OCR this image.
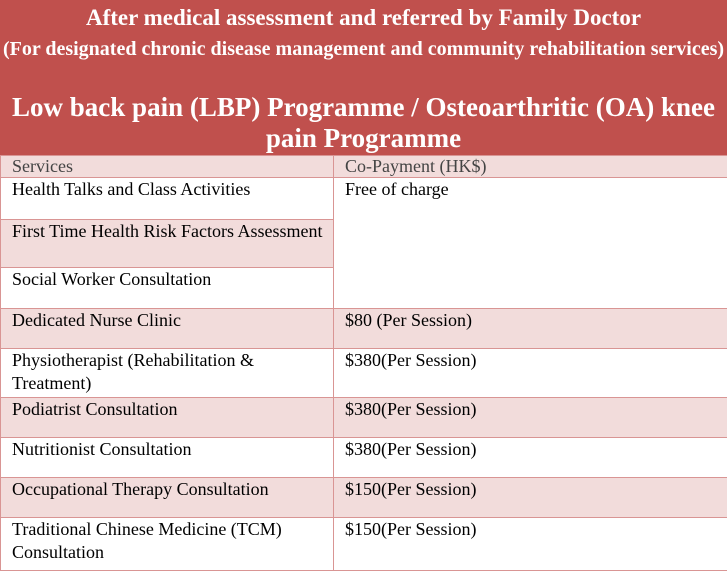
After medical assessment and referred by Family Doctor
(For designated chronic disease management and community rehabilitation services)
Low back pain (LBP) Programme / Osteoarthritic (OA) knee pain Programme
Services	Co-Payment (HK$)
Health Talks and Class Activities	Free of charge
First Time Health Risk Factors Assessment	
Social Worker Consultation	
Dedicated Nurse Clinic	$80 (Per Session)
Physiotherapist (Rehabilitation & Treatment)	$380(Per Session)
Podiatrist Consultation	$380(Per Session)
Nutritionist Consultation	$380(Per Session)
Occupational Therapy Consultation	$150(Per Session)
Traditional Chinese Medicine (TCM) Consultation	$150(Per Session)
